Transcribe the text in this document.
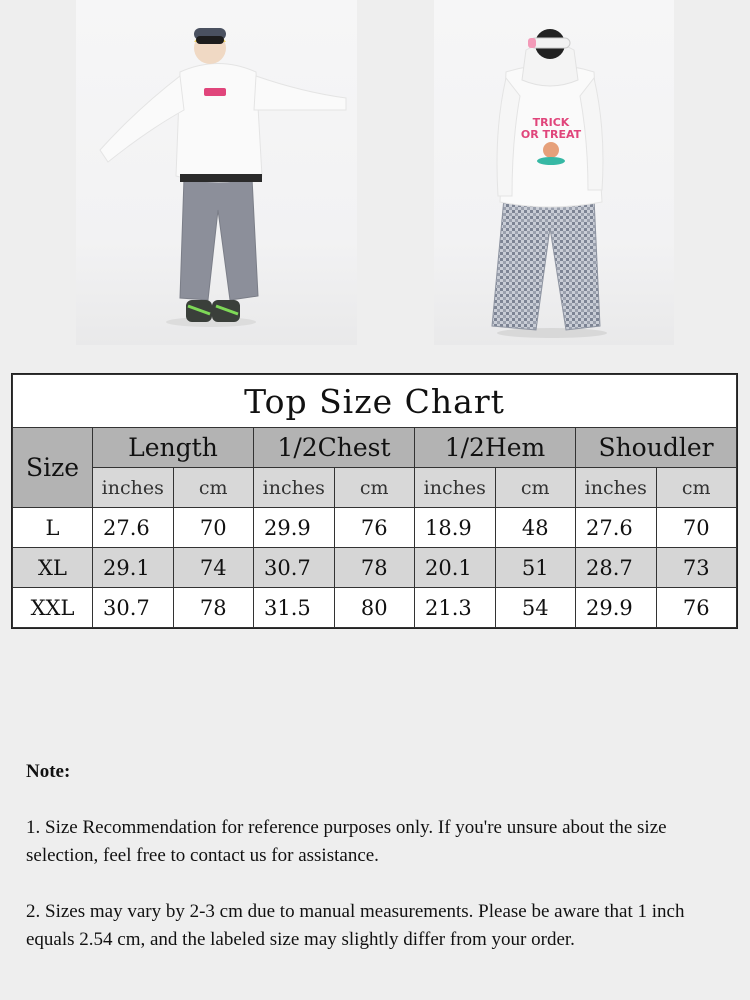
TRICK
OR TREAT
Top Size Chart								
Size	Length		1/2Chest		1/2Hem		Shoudler	
	inches	cm	inches	cm	inches	cm	inches	cm
L	27.6	70	29.9	76	18.9	48	27.6	70
XL	29.1	74	30.7	78	20.1	51	28.7	73
XXL	30.7	78	31.5	80	21.3	54	29.9	76
Note:

1. Size Recommendation for reference purposes only. If you're unsure about the size selection, feel free to contact us for assistance.

2. Sizes may vary by 2-3 cm due to manual measurements. Please be aware that 1 inch equals 2.54 cm, and the labeled size may slightly differ from your order.
